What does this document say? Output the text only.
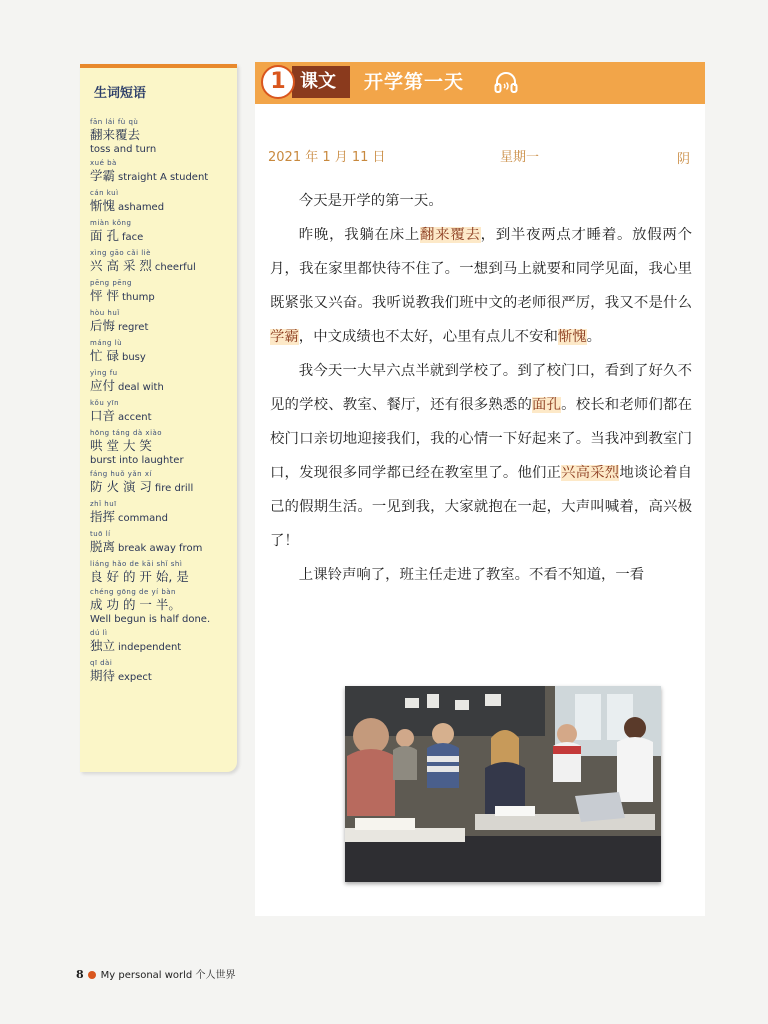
生词短语
fān lái fù qù
翻来覆去
toss and turn
xué bà
学霸 straight A student
cán kuì
惭愧 ashamed
miàn kǒng
面 孔 face
xìng gāo cǎi liè
兴 高 采 烈 cheerful
pēng pēng
怦 怦 thump
hòu huǐ
后悔 regret
máng lù
忙 碌 busy
yìng fu
应付 deal with
kǒu yīn
口音 accent
hōng táng dà xiào
哄 堂 大 笑
burst into laughter
fáng huǒ yǎn xí
防 火 演 习 fire drill
zhǐ huī
指挥 command
tuō lí
脱离 break away from
liáng hǎo de kāi shǐ shì
良 好 的 开 始, 是
chéng gōng de yí bàn
成 功 的 一 半。
Well begun is half done.
dú lì
独立 independent
qī dài
期待 expect
课文
1	开学第一天
2021 年 1 月 11 日	星期一	阴

今天是开学的第一天。

昨晚，我躺在床上翻来覆去，到半夜两点才睡着。放假两个月，我在家里都快待不住了。一想到马上就要和同学见面，我心里既紧张又兴奋。我听说教我们班中文的老师很严厉，我又不是什么学霸，中文成绩也不太好，心里有点儿不安和惭愧。

我今天一大早六点半就到学校了。到了校门口，看到了好久不见的学校、教室、餐厅，还有很多熟悉的面孔。校长和老师们都在校门口亲切地迎接我们，我的心情一下好起来了。当我冲到教室门口，发现很多同学都已经在教室里了。他们正兴高采烈地谈论着自己的假期生活。一见到我，大家就抱在一起，大声叫喊着，高兴极了！

上课铃声响了，班主任走进了教室。不看不知道，一看

8 My personal world 个人世界
